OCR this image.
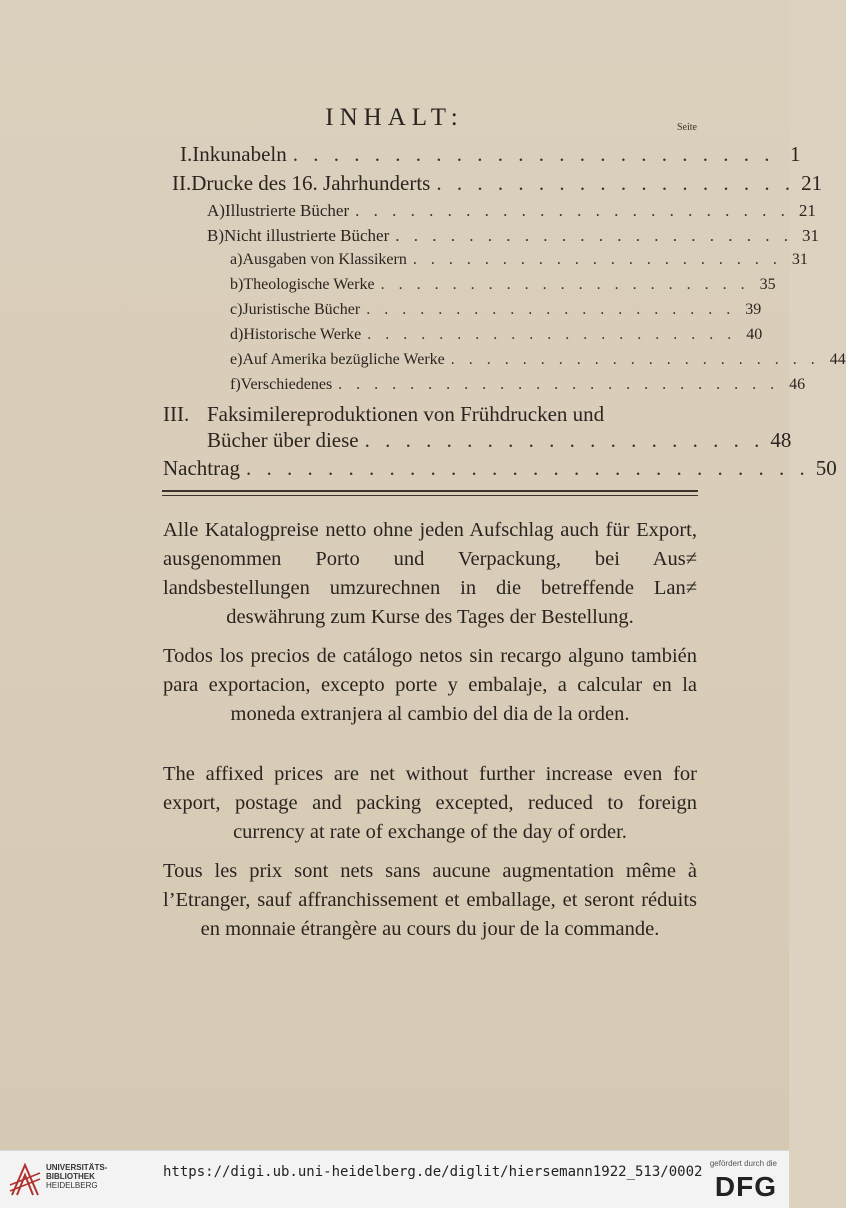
INHALT:	Seite
I. Inkunabeln . . . . . . . . . . . . . . . . . . . . . . . . 1
II. Drucke des 16. Jahrhunderts . . . . . . . . . . . . . . . . . . 21
A) Illustrierte Bücher . . . . . . . . . . . . . . . . . . . . . . . . 21
B) Nicht illustrierte Bücher . . . . . . . . . . . . . . . . . . . . . . 31
a) Ausgaben von Klassikern . . . . . . . . . . . . . . . . . . . . . 31
b) Theologische Werke . . . . . . . . . . . . . . . . . . . . . 35
c) Juristische Bücher . . . . . . . . . . . . . . . . . . . . . 39
d) Historische Werke . . . . . . . . . . . . . . . . . . . . . 40
e) Auf Amerika bezügliche Werke . . . . . . . . . . . . . . . . . . . . . 44
f) Verschiedenes . . . . . . . . . . . . . . . . . . . . . . . . . 46
III. Faksimilereproduktionen von Frühdrucken und
Bücher über diese . . . . . . . . . . . . . . . . . . . . 48
Nachtrag . . . . . . . . . . . . . . . . . . . . . . . . . . . . 50
Alle Katalogpreise netto ohne jeden Aufschlag auch für Export, ausgenommen Porto und Verpackung, bei Aus≠ landsbestellungen umzurechnen in die betreffende Lan≠ deswährung zum Kurse des Tages der Bestellung.
Todos los precios de catálogo netos sin recargo alguno también para exportacion, excepto porte y embalaje, a calcular en la moneda extranjera al cambio del dia de la orden.
The affixed prices are net without further increase even for export, postage and packing excepted, reduced to foreign currency at rate of exchange of the day of order.
Tous les prix sont nets sans aucune augmentation même à l’Etranger, sauf affranchissement et emballage, et seront réduits en monnaie étrangère au cours du jour de la commande.
UNIVERSITÄTS-
BIBLIOTHEK
HEIDELBERG
https://digi.ub.uni-heidelberg.de/diglit/hiersemann1922_513/0002
gefördert durch die
DFG
